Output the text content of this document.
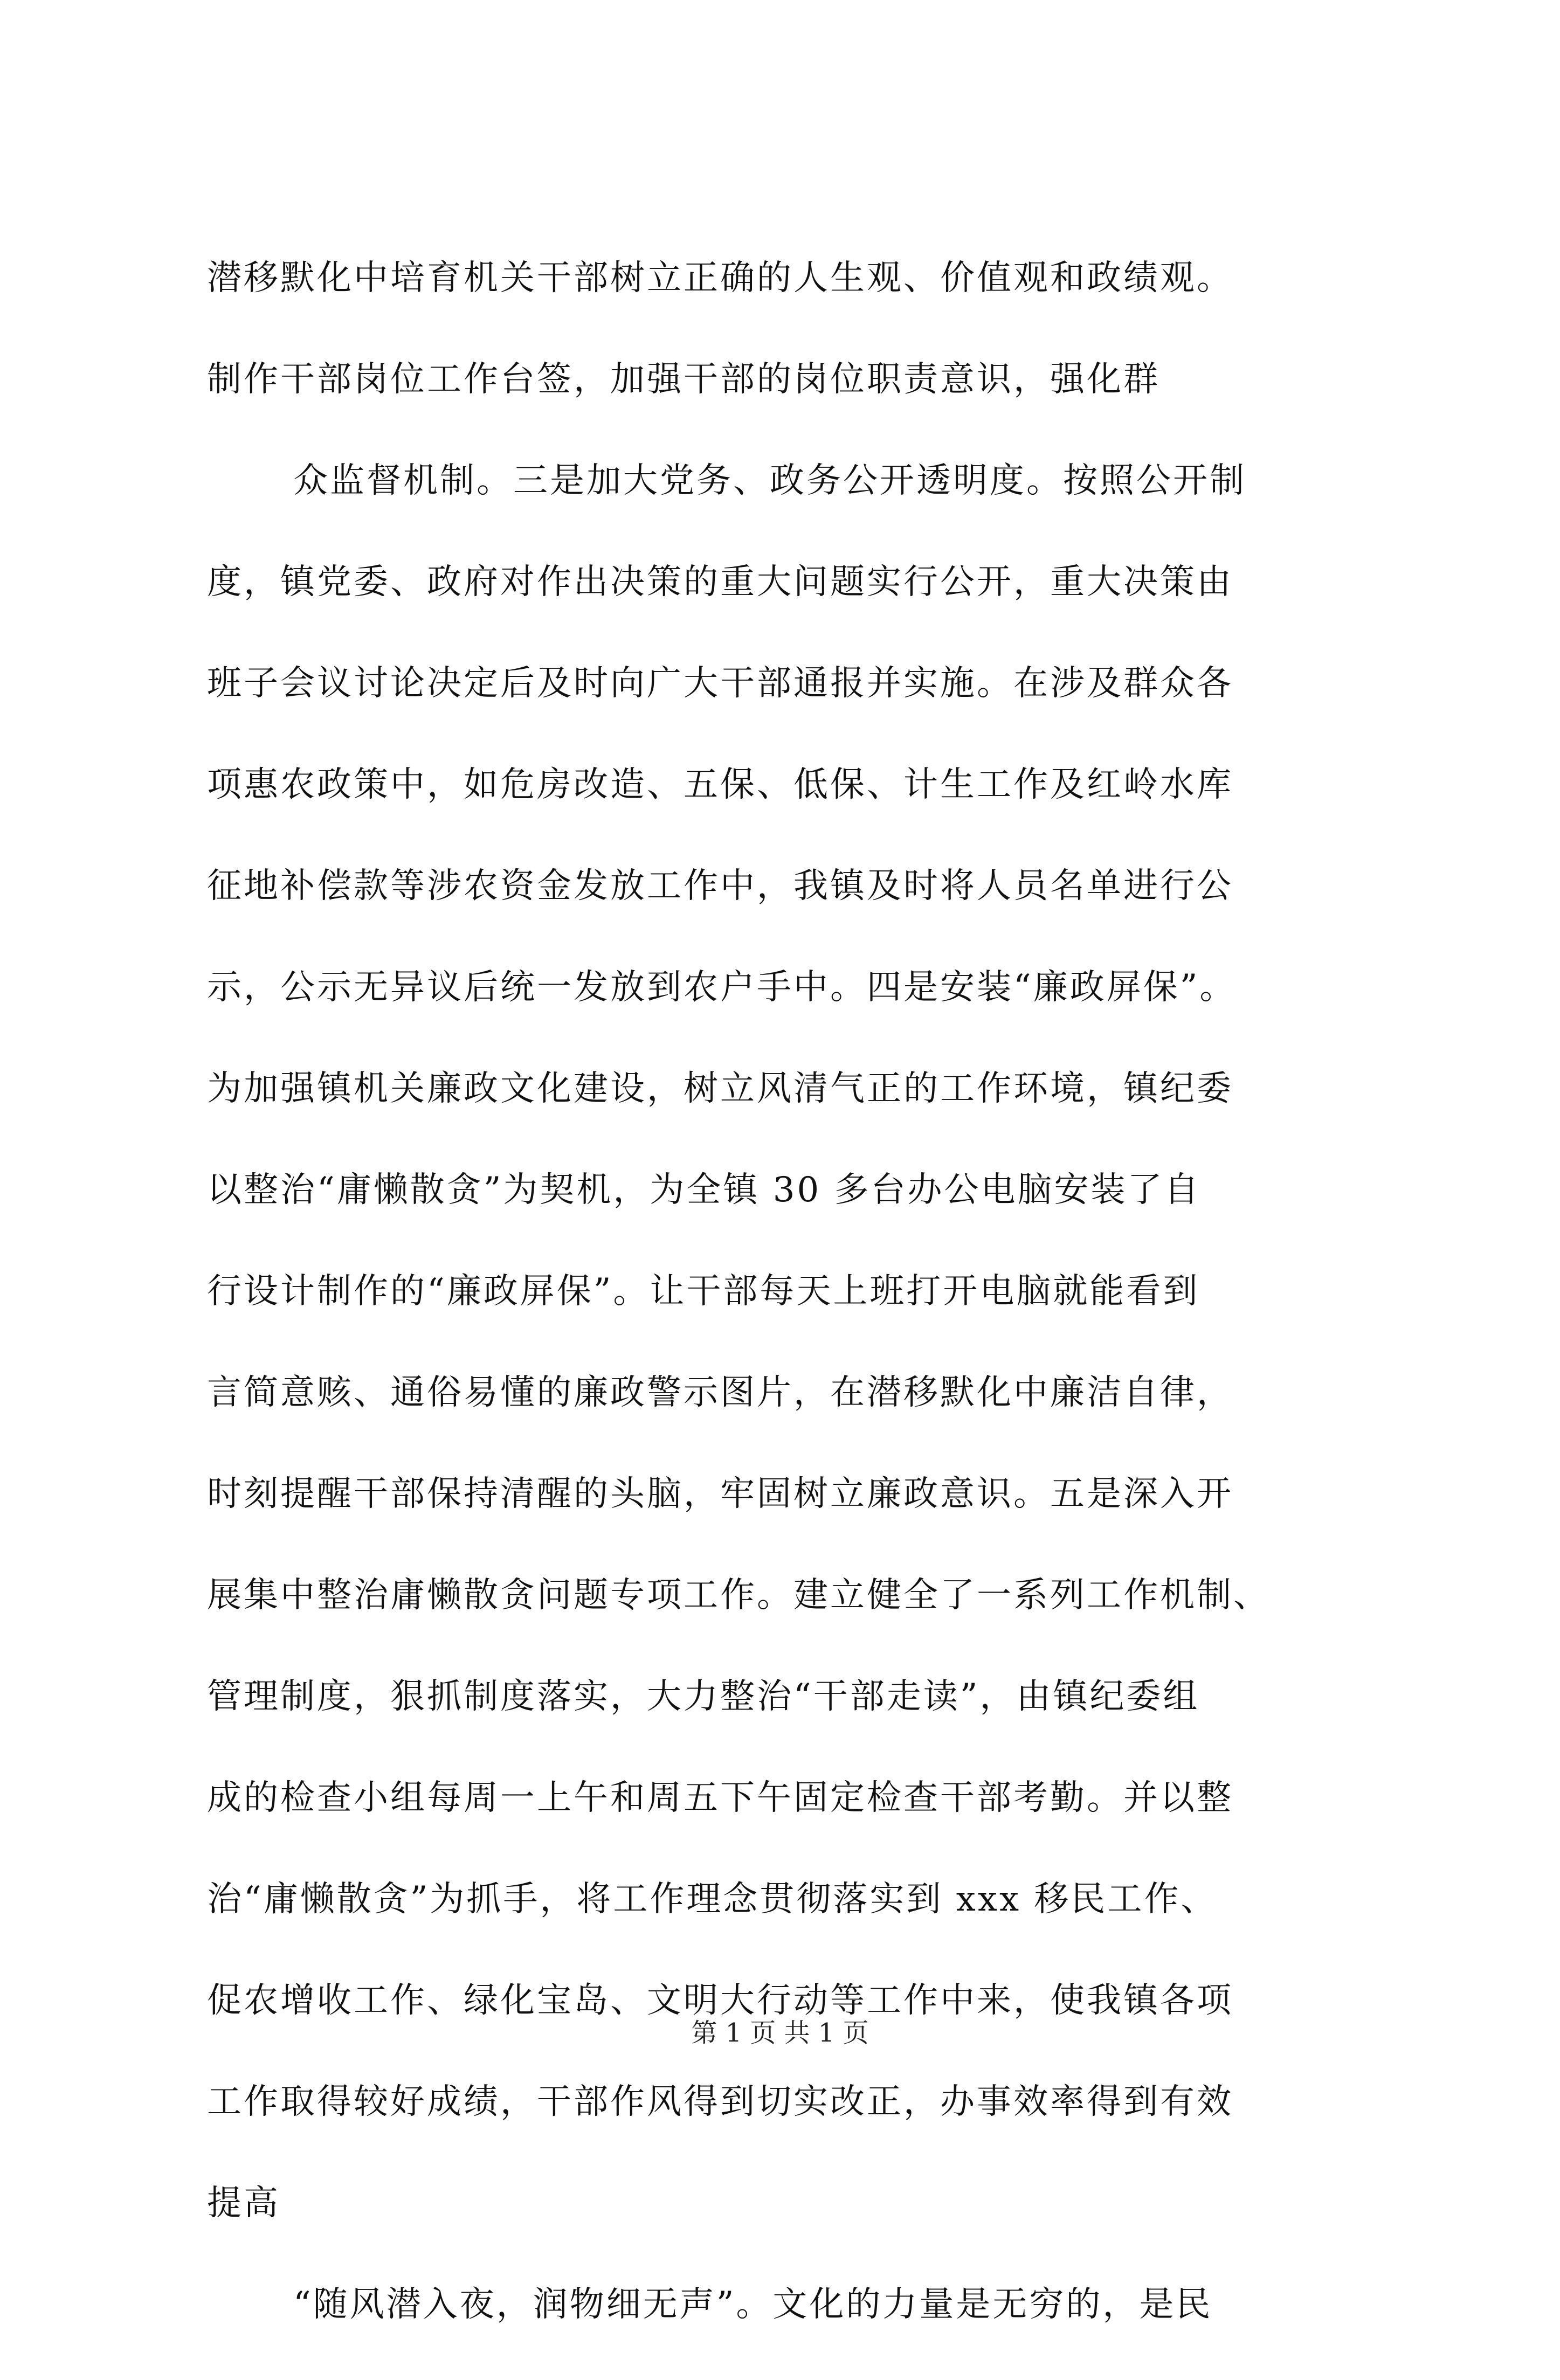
潜移默化中培育机关干部树立正确的人生观、价值观和政绩观。
制作干部岗位工作台签，加强干部的岗位职责意识，强化群
众监督机制。三是加大党务、政务公开透明度。按照公开制
度，镇党委、政府对作出决策的重大问题实行公开，重大决策由
班子会议讨论决定后及时向广大干部通报并实施。在涉及群众各
项惠农政策中，如危房改造、五保、低保、计生工作及红岭水库
征地补偿款等涉农资金发放工作中，我镇及时将人员名单进行公
示，公示无异议后统一发放到农户手中。四是安装“廉政屏保”。
为加强镇机关廉政文化建设，树立风清气正的工作环境，镇纪委
以整治“庸懒散贪”为契机，为全镇 30 多台办公电脑安装了自
行设计制作的“廉政屏保”。让干部每天上班打开电脑就能看到
言简意赅、通俗易懂的廉政警示图片，在潜移默化中廉洁自律，
时刻提醒干部保持清醒的头脑，牢固树立廉政意识。五是深入开
展集中整治庸懒散贪问题专项工作。建立健全了一系列工作机制、
管理制度，狠抓制度落实，大力整治“干部走读”，由镇纪委组
成的检查小组每周一上午和周五下午固定检查干部考勤。并以整
治“庸懒散贪”为抓手，将工作理念贯彻落实到 xxx 移民工作、
促农增收工作、绿化宝岛、文明大行动等工作中来，使我镇各项
工作取得较好成绩，干部作风得到切实改正，办事效率得到有效
提高
“随风潜入夜，润物细无声”。文化的力量是无穷的，是民
第 1 页 共 1 页
